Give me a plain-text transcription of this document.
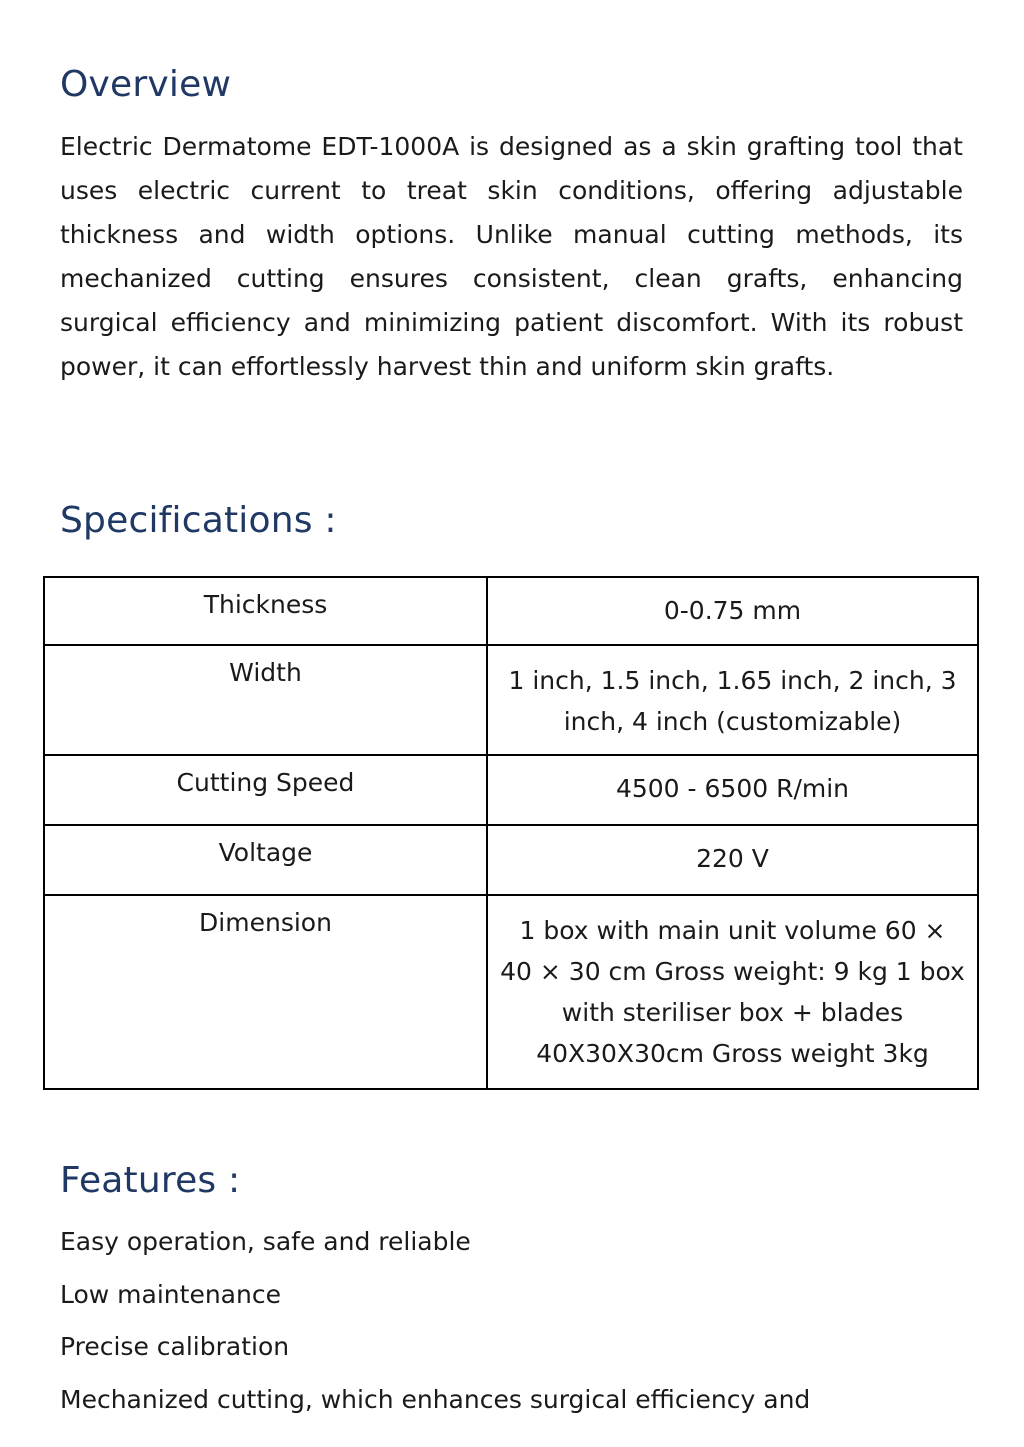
Overview

Electric Dermatome EDT-1000A is designed as a skin grafting tool that uses electric current to treat skin conditions, offering adjustable thickness and width options. Unlike manual cutting methods, its mechanized cutting ensures consistent, clean grafts, enhancing surgical efficiency and minimizing patient discomfort. With its robust power, it can effortlessly harvest thin and uniform skin grafts.

Specifications :
Thickness	0-0.75 mm
Width	1 inch, 1.5 inch, 1.65 inch, 2 inch, 3 inch, 4 inch (customizable)
Cutting Speed	4500 - 6500 R/min
Voltage	220 V
Dimension	1 box with main unit volume 60 × 40 × 30 cm Gross weight: 9 kg 1 box with steriliser box + blades 40X30X30cm Gross weight 3kg
Features :
Easy operation, safe and reliable
Low maintenance
Precise calibration
Mechanized cutting, which enhances surgical efficiency and
